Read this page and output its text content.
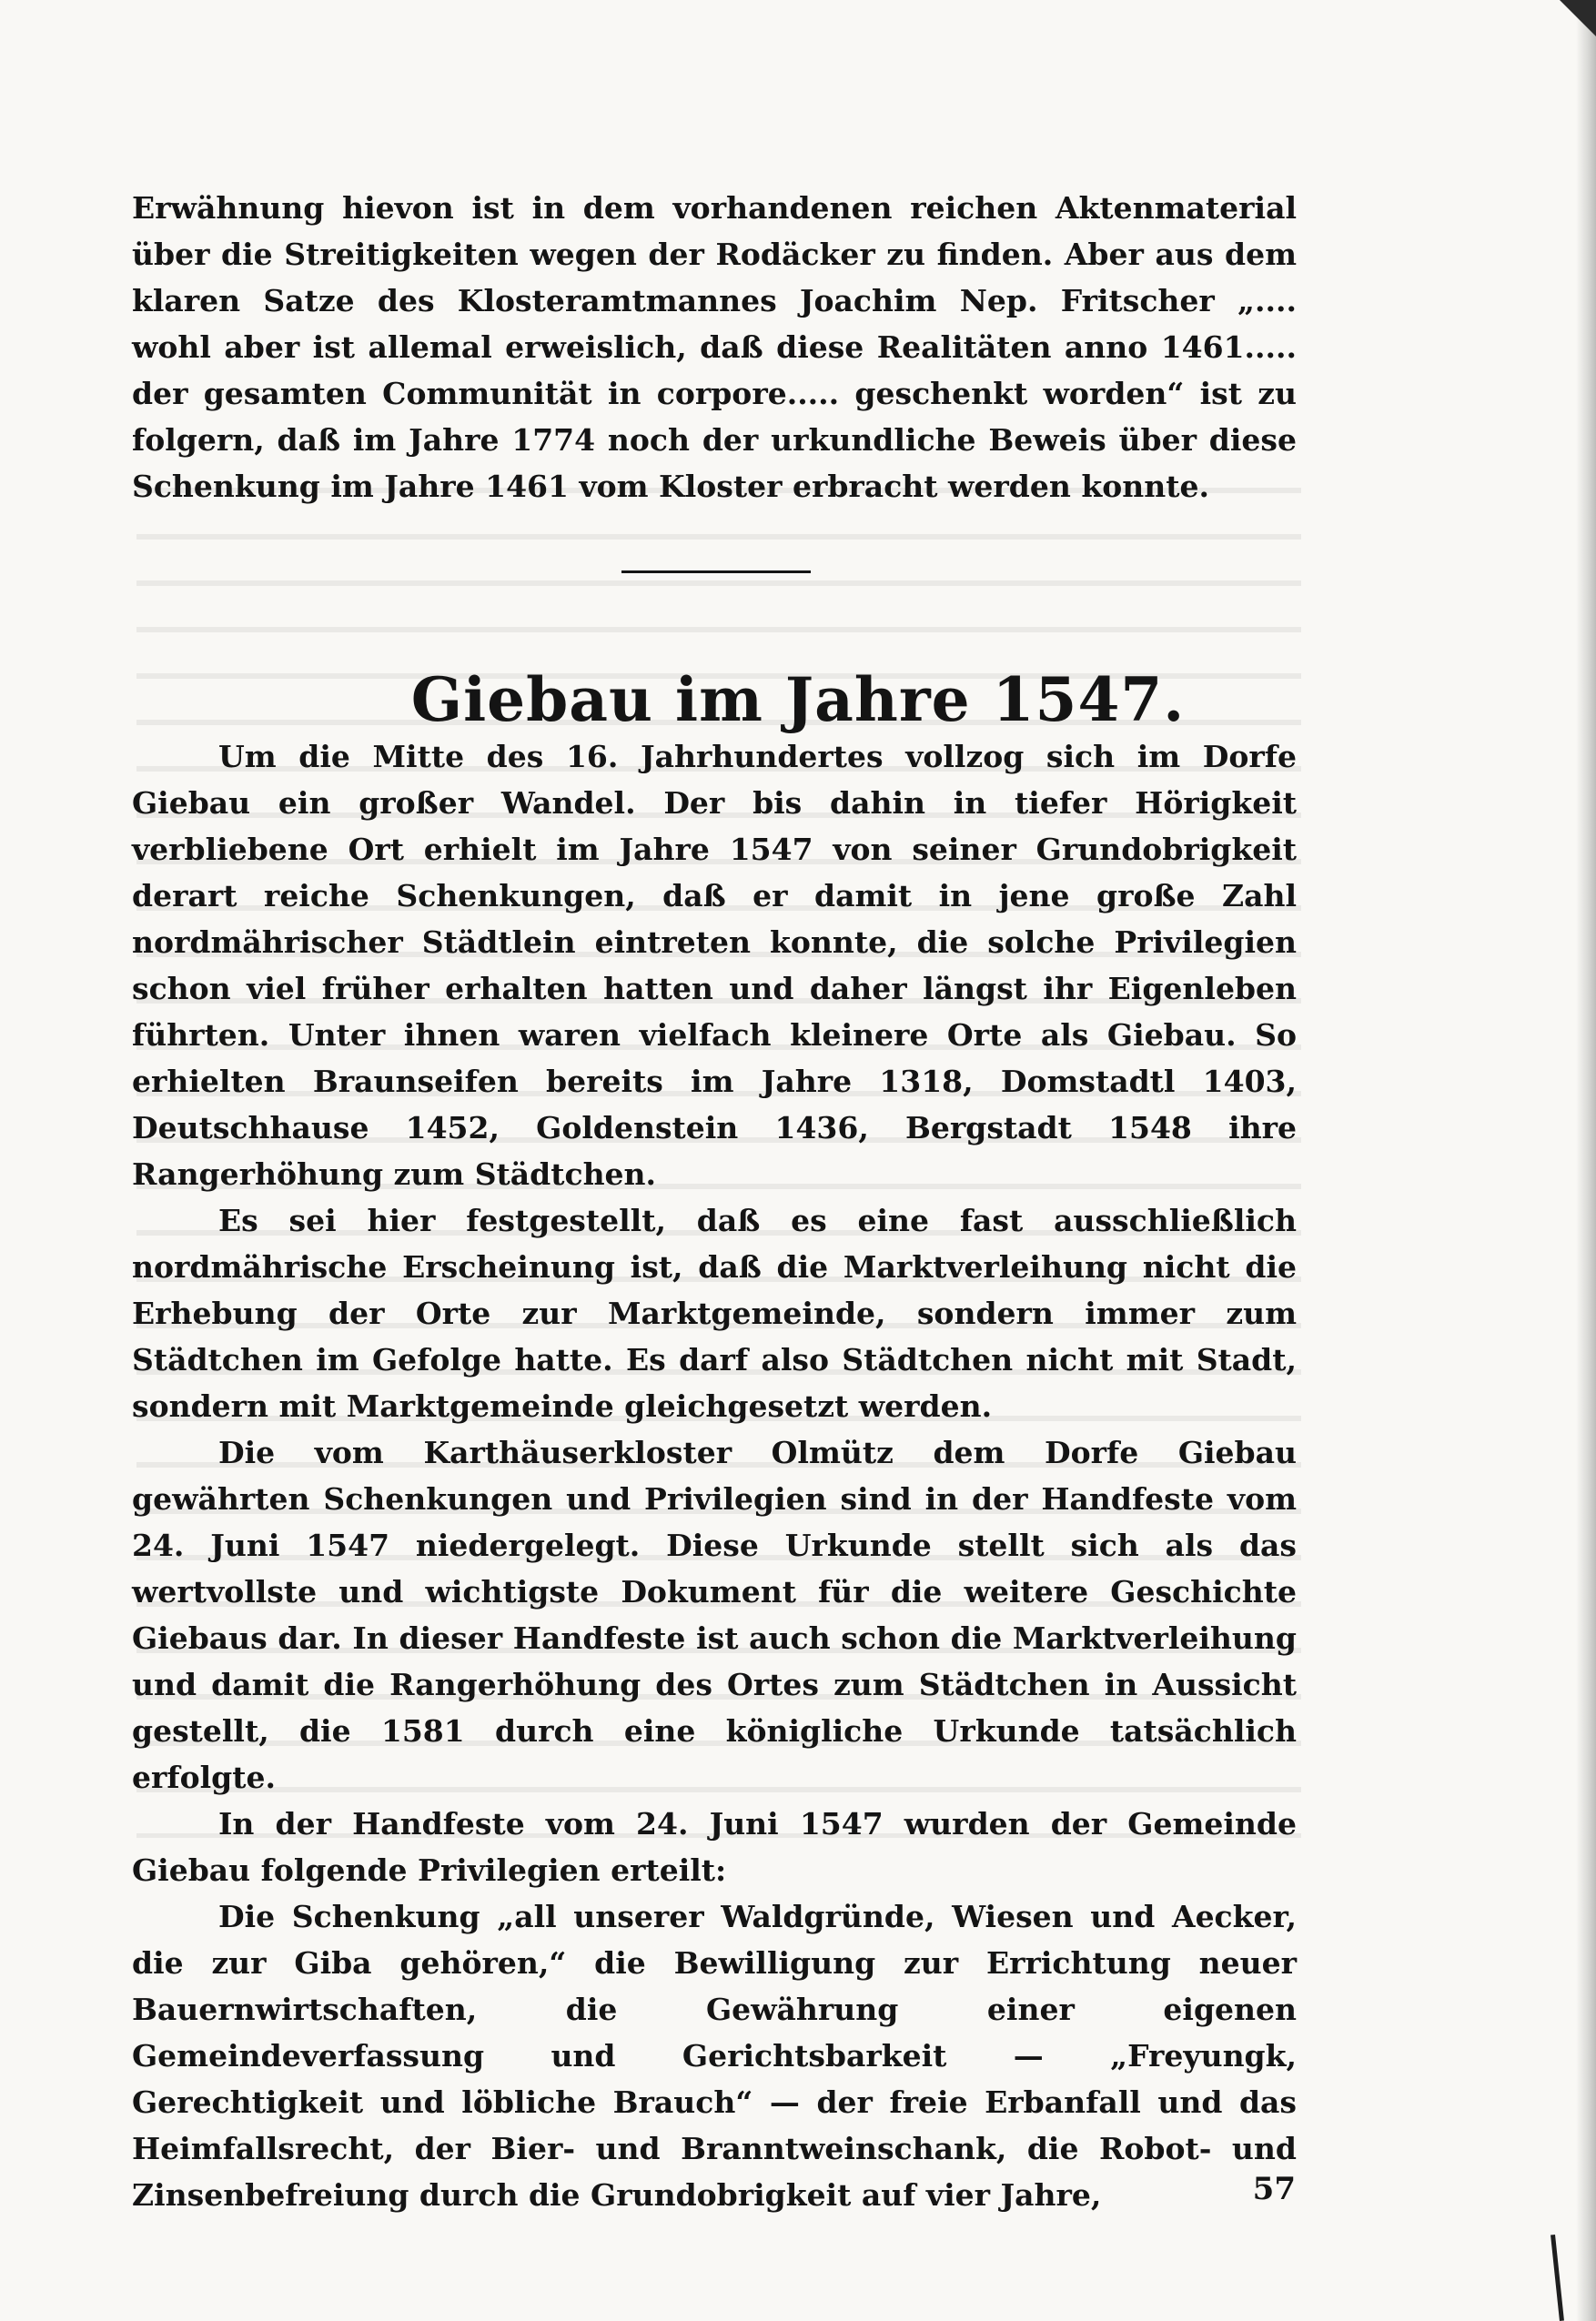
Erwähnung hievon ist in dem vorhandenen reichen Aktenmaterial über die Streitigkeiten wegen der Rodäcker zu finden. Aber aus dem klaren Satze des Klosteramtmannes Joachim Nep. Fritscher „.... wohl aber ist allemal erweislich, daß diese Realitäten anno 1461..... der gesamten Communität in corpore..... geschenkt worden“ ist zu folgern, daß im Jahre 1774 noch der urkundliche Beweis über diese Schenkung im Jahre 1461 vom Kloster erbracht werden konnte.

Giebau im Jahre 1547.

Um die Mitte des 16. Jahrhundertes vollzog sich im Dorfe Giebau ein großer Wandel. Der bis dahin in tiefer Hörigkeit verbliebene Ort erhielt im Jahre 1547 von seiner Grundobrigkeit derart reiche Schenkungen, daß er damit in jene große Zahl nordmährischer Städtlein eintreten konnte, die solche Privilegien schon viel früher erhalten hatten und daher längst ihr Eigenleben führten. Unter ihnen waren vielfach kleinere Orte als Giebau. So erhielten Braunseifen bereits im Jahre 1318, Domstadtl 1403, Deutschhause 1452, Goldenstein 1436, Bergstadt 1548 ihre Rangerhöhung zum Städtchen.

Es sei hier festgestellt, daß es eine fast ausschließlich nordmährische Erscheinung ist, daß die Marktverleihung nicht die Erhebung der Orte zur Marktgemeinde, sondern immer zum Städtchen im Gefolge hatte. Es darf also Städtchen nicht mit Stadt, sondern mit Marktgemeinde gleichgesetzt werden.

Die vom Karthäuserkloster Olmütz dem Dorfe Giebau gewährten Schenkungen und Privilegien sind in der Handfeste vom 24. Juni 1547 niedergelegt. Diese Urkunde stellt sich als das wertvollste und wichtigste Dokument für die weitere Geschichte Giebaus dar. In dieser Handfeste ist auch schon die Marktverleihung und damit die Rangerhöhung des Ortes zum Städtchen in Aussicht gestellt, die 1581 durch eine königliche Urkunde tatsächlich erfolgte.

In der Handfeste vom 24. Juni 1547 wurden der Gemeinde Giebau folgende Privilegien erteilt:

Die Schenkung „all unserer Waldgründe, Wiesen und Aecker, die zur Giba gehören,“ die Bewilligung zur Errichtung neuer Bauernwirtschaften, die Gewährung einer eigenen Gemeindeverfassung und Gerichtsbarkeit — „Freyungk, Gerechtigkeit und löbliche Brauch“ — der freie Erbanfall und das Heimfallsrecht, der Bier- und Branntweinschank, die Robot- und Zinsenbefreiung durch die Grundobrigkeit auf vier Jahre,	57
